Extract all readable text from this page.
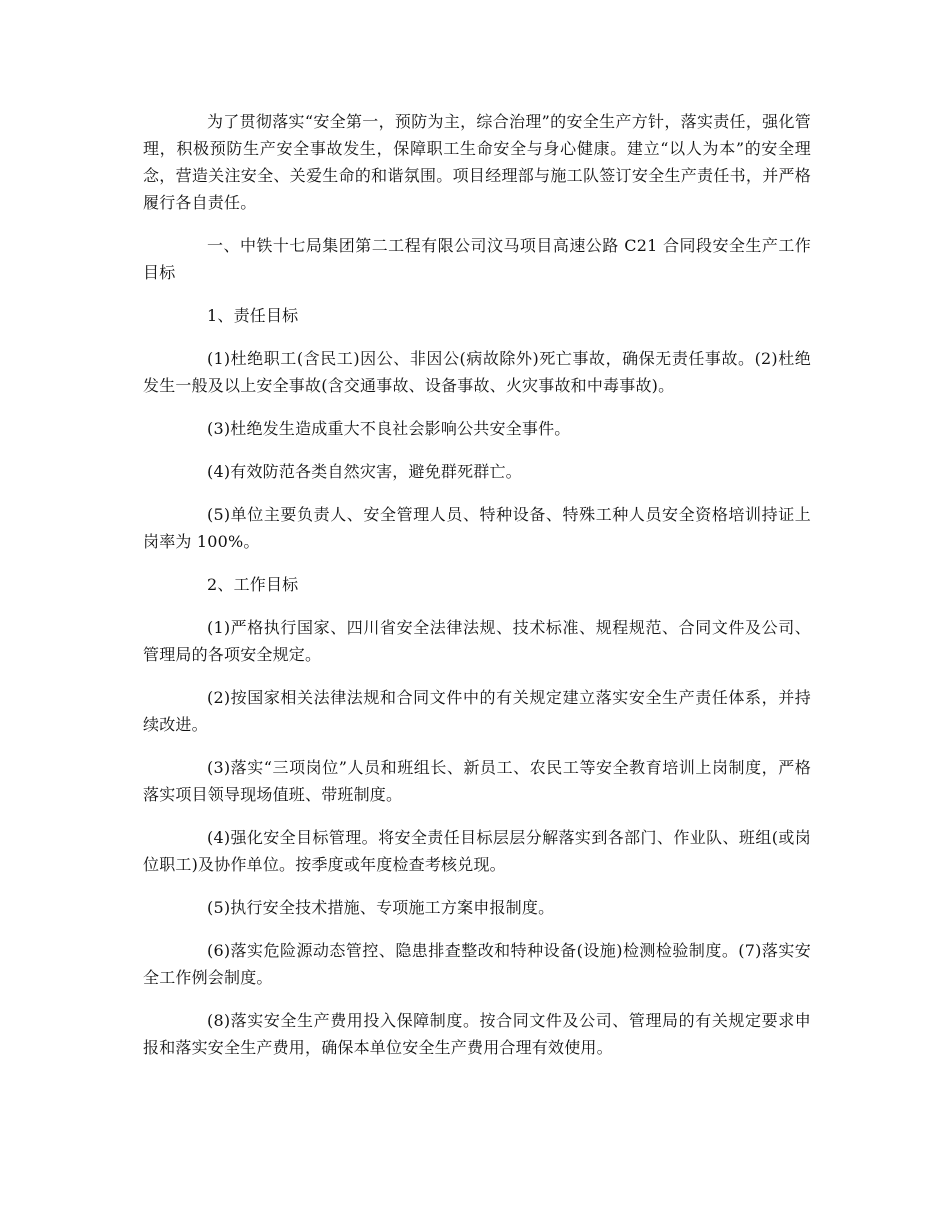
为了贯彻落实“安全第一，预防为主，综合治理”的安全生产方针，落实责任，强化管理，积极预防生产安全事故发生，保障职工生命安全与身心健康。建立“以人为本”的安全理念，营造关注安全、关爱生命的和谐氛围。项目经理部与施工队签订安全生产责任书，并严格履行各自责任。

一、中铁十七局集团第二工程有限公司汶马项目高速公路 C21 合同段安全生产工作目标

1、责任目标

(1)杜绝职工(含民工)因公、非因公(病故除外)死亡事故，确保无责任事故。(2)杜绝发生一般及以上安全事故(含交通事故、设备事故、火灾事故和中毒事故)。

(3)杜绝发生造成重大不良社会影响公共安全事件。

(4)有效防范各类自然灾害，避免群死群亡。

(5)单位主要负责人、安全管理人员、特种设备、特殊工种人员安全资格培训持证上岗率为 100%。

2、工作目标

(1)严格执行国家、四川省安全法律法规、技术标准、规程规范、合同文件及公司、管理局的各项安全规定。

(2)按国家相关法律法规和合同文件中的有关规定建立落实安全生产责任体系，并持续改进。

(3)落实“三项岗位”人员和班组长、新员工、农民工等安全教育培训上岗制度，严格落实项目领导现场值班、带班制度。

(4)强化安全目标管理。将安全责任目标层层分解落实到各部门、作业队、班组(或岗位职工)及协作单位。按季度或年度检查考核兑现。

(5)执行安全技术措施、专项施工方案申报制度。

(6)落实危险源动态管控、隐患排查整改和特种设备(设施)检测检验制度。(7)落实安全工作例会制度。

(8)落实安全生产费用投入保障制度。按合同文件及公司、管理局的有关规定要求申报和落实安全生产费用，确保本单位安全生产费用合理有效使用。
